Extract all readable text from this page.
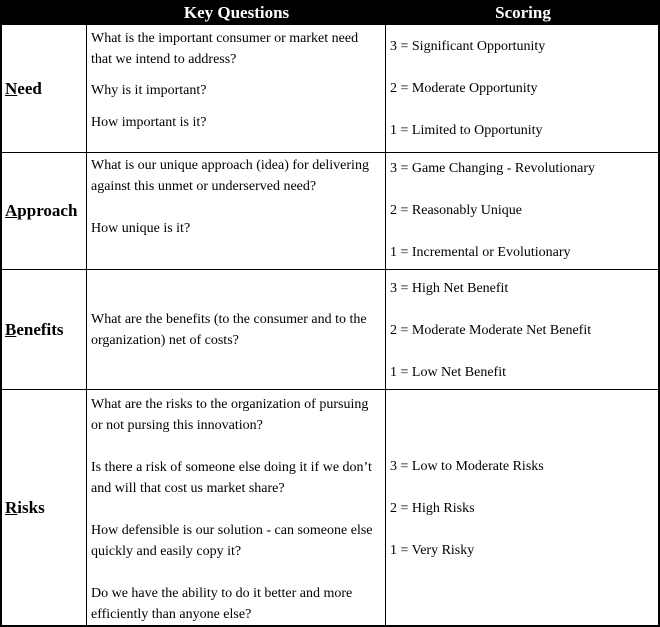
Key Questions	Scoring
N eed

What is the important consumer or market need that we intend to address?

Why is it important?

How important is it?

3 = Significant Opportunity
2 = Moderate Opportunity
1 = Limited to Opportunity
A pproach

What is our unique approach (idea) for delivering against this unmet or underserved need?

How unique is it?

3 = Game Changing - Revolutionary
2 = Reasonably Unique
1 = Incremental or Evolutionary
B enefits

What are the benefits (to the consumer and to the organization) net of costs?

3 = High Net Benefit
2 = Moderate Moderate Net Benefit
1 = Low Net Benefit
R isks

What are the risks to the organization of pursuing or not pursing this innovation?

Is there a risk of someone else doing it if we don’t and will that cost us market share?

How defensible is our solution - can someone else quickly and easily copy it?

Do we have the ability to do it better and more efficiently than anyone else?

3 = Low to Moderate Risks
2 = High Risks
1 = Very Risky
